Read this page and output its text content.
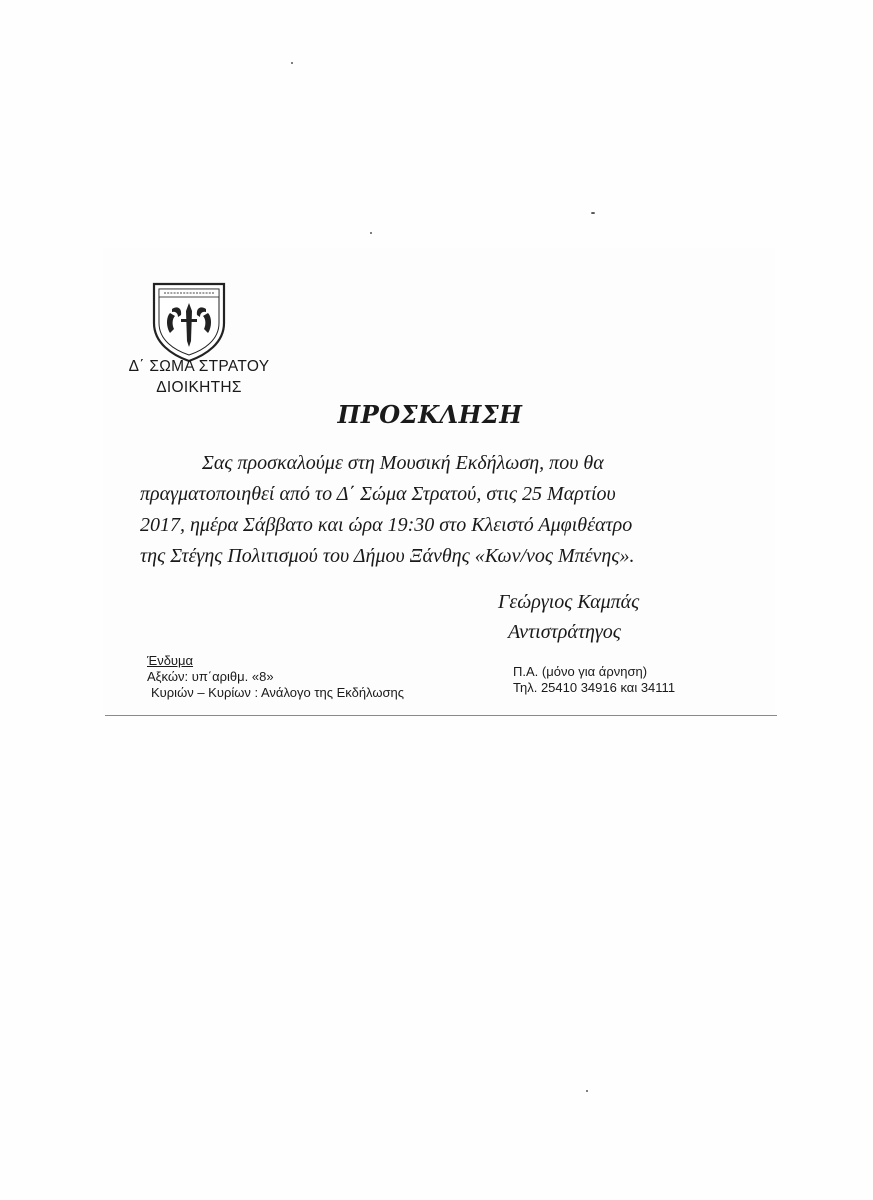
Δ΄ ΣΩΜΑ ΣΤΡΑΤΟΥ
ΔΙΟΙΚΗΤΗΣ
ΠΡΟΣΚΛΗΣΗ
Σας προσκαλούμε στη Μουσική Εκδήλωση, που θα
πραγματοποιηθεί από το Δ΄ Σώμα Στρατού, στις 25 Μαρτίου
2017, ημέρα Σάββατο και ώρα 19:30 στο Κλειστό Αμφιθέατρο
της Στέγης Πολιτισμού του Δήμου Ξάνθης «Κων/νος Μπένης».
Γεώργιος Καμπάς
Αντιστράτηγος
Ένδυμα
Αξκών: υπ΄αριθμ. «8»
Κυριών – Κυρίων : Ανάλογο της Εκδήλωσης
Π.Α. (μόνο για άρνηση)
Τηλ. 25410 34916 και 34111
